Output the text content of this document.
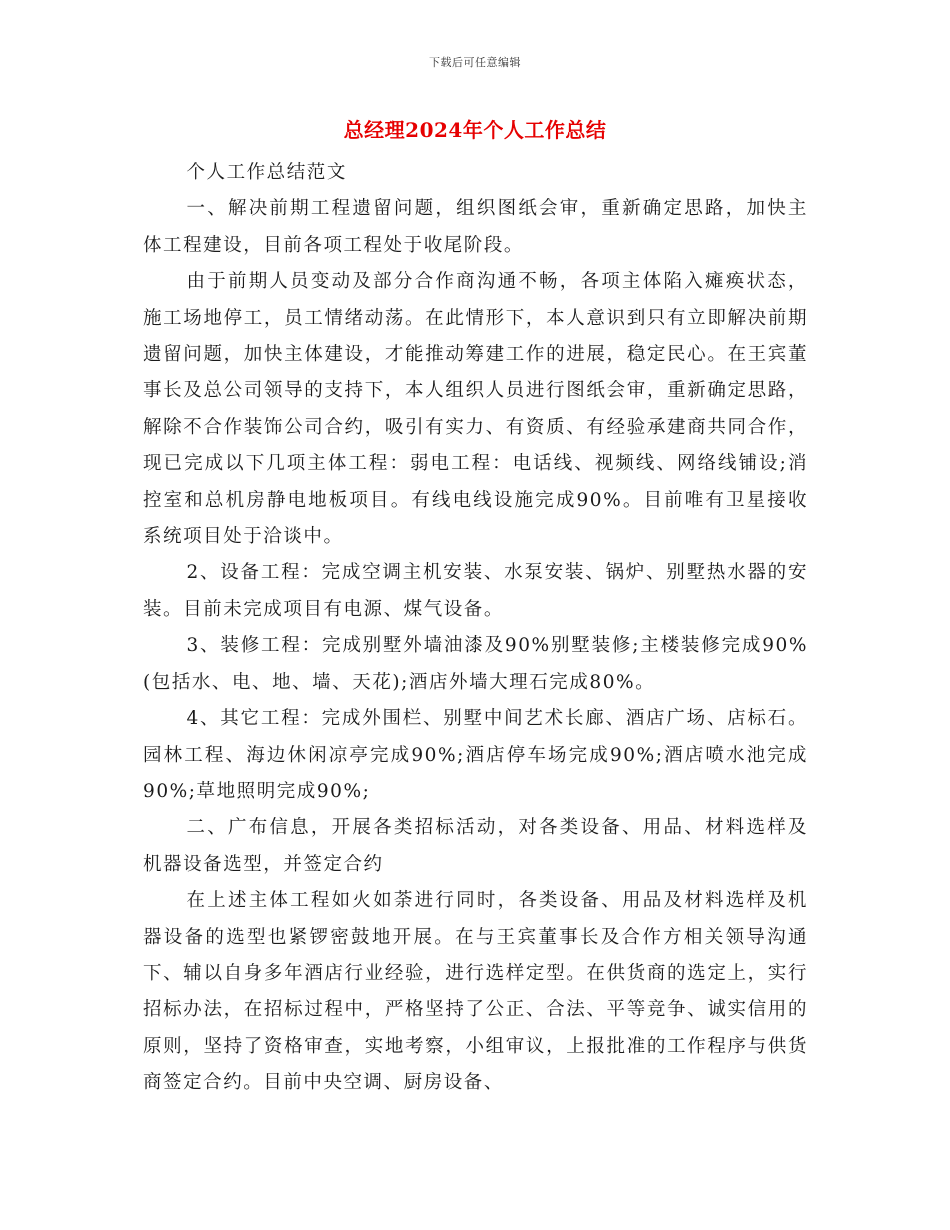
下载后可任意编辑
总经理2024年个人工作总结

个人工作总结范文

一、解决前期工程遗留问题，组织图纸会审，重新确定思路，加快主体工程建设，目前各项工程处于收尾阶段。

由于前期人员变动及部分合作商沟通不畅，各项主体陷入瘫痪状态，施工场地停工，员工情绪动荡。在此情形下，本人意识到只有立即解决前期遗留问题，加快主体建设，才能推动筹建工作的进展，稳定民心。在王宾董事长及总公司领导的支持下，本人组织人员进行图纸会审，重新确定思路，解除不合作装饰公司合约，吸引有实力、有资质、有经验承建商共同合作，现已完成以下几项主体工程：弱电工程：电话线、视频线、网络线铺设;消控室和总机房静电地板项目。有线电线设施完成90%。目前唯有卫星接收系统项目处于洽谈中。

2、设备工程：完成空调主机安装、水泵安装、锅炉、别墅热水器的安装。目前未完成项目有电源、煤气设备。

3、装修工程：完成别墅外墙油漆及90%别墅装修;主楼装修完成90%(包括水、电、地、墙、天花);酒店外墙大理石完成80%。

4、其它工程：完成外围栏、别墅中间艺术长廊、酒店广场、店标石。园林工程、海边休闲凉亭完成90%;酒店停车场完成90%;酒店喷水池完成90%;草地照明完成90%;

二、广布信息，开展各类招标活动，对各类设备、用品、材料选样及机器设备选型，并签定合约

在上述主体工程如火如荼进行同时，各类设备、用品及材料选样及机器设备的选型也紧锣密鼓地开展。在与王宾董事长及合作方相关领导沟通下、辅以自身多年酒店行业经验，进行选样定型。在供货商的选定上，实行招标办法，在招标过程中，严格坚持了公正、合法、平等竞争、诚实信用的原则，坚持了资格审查，实地考察，小组审议，上报批准的工作程序与供货商签定合约。目前中央空调、厨房设备、
